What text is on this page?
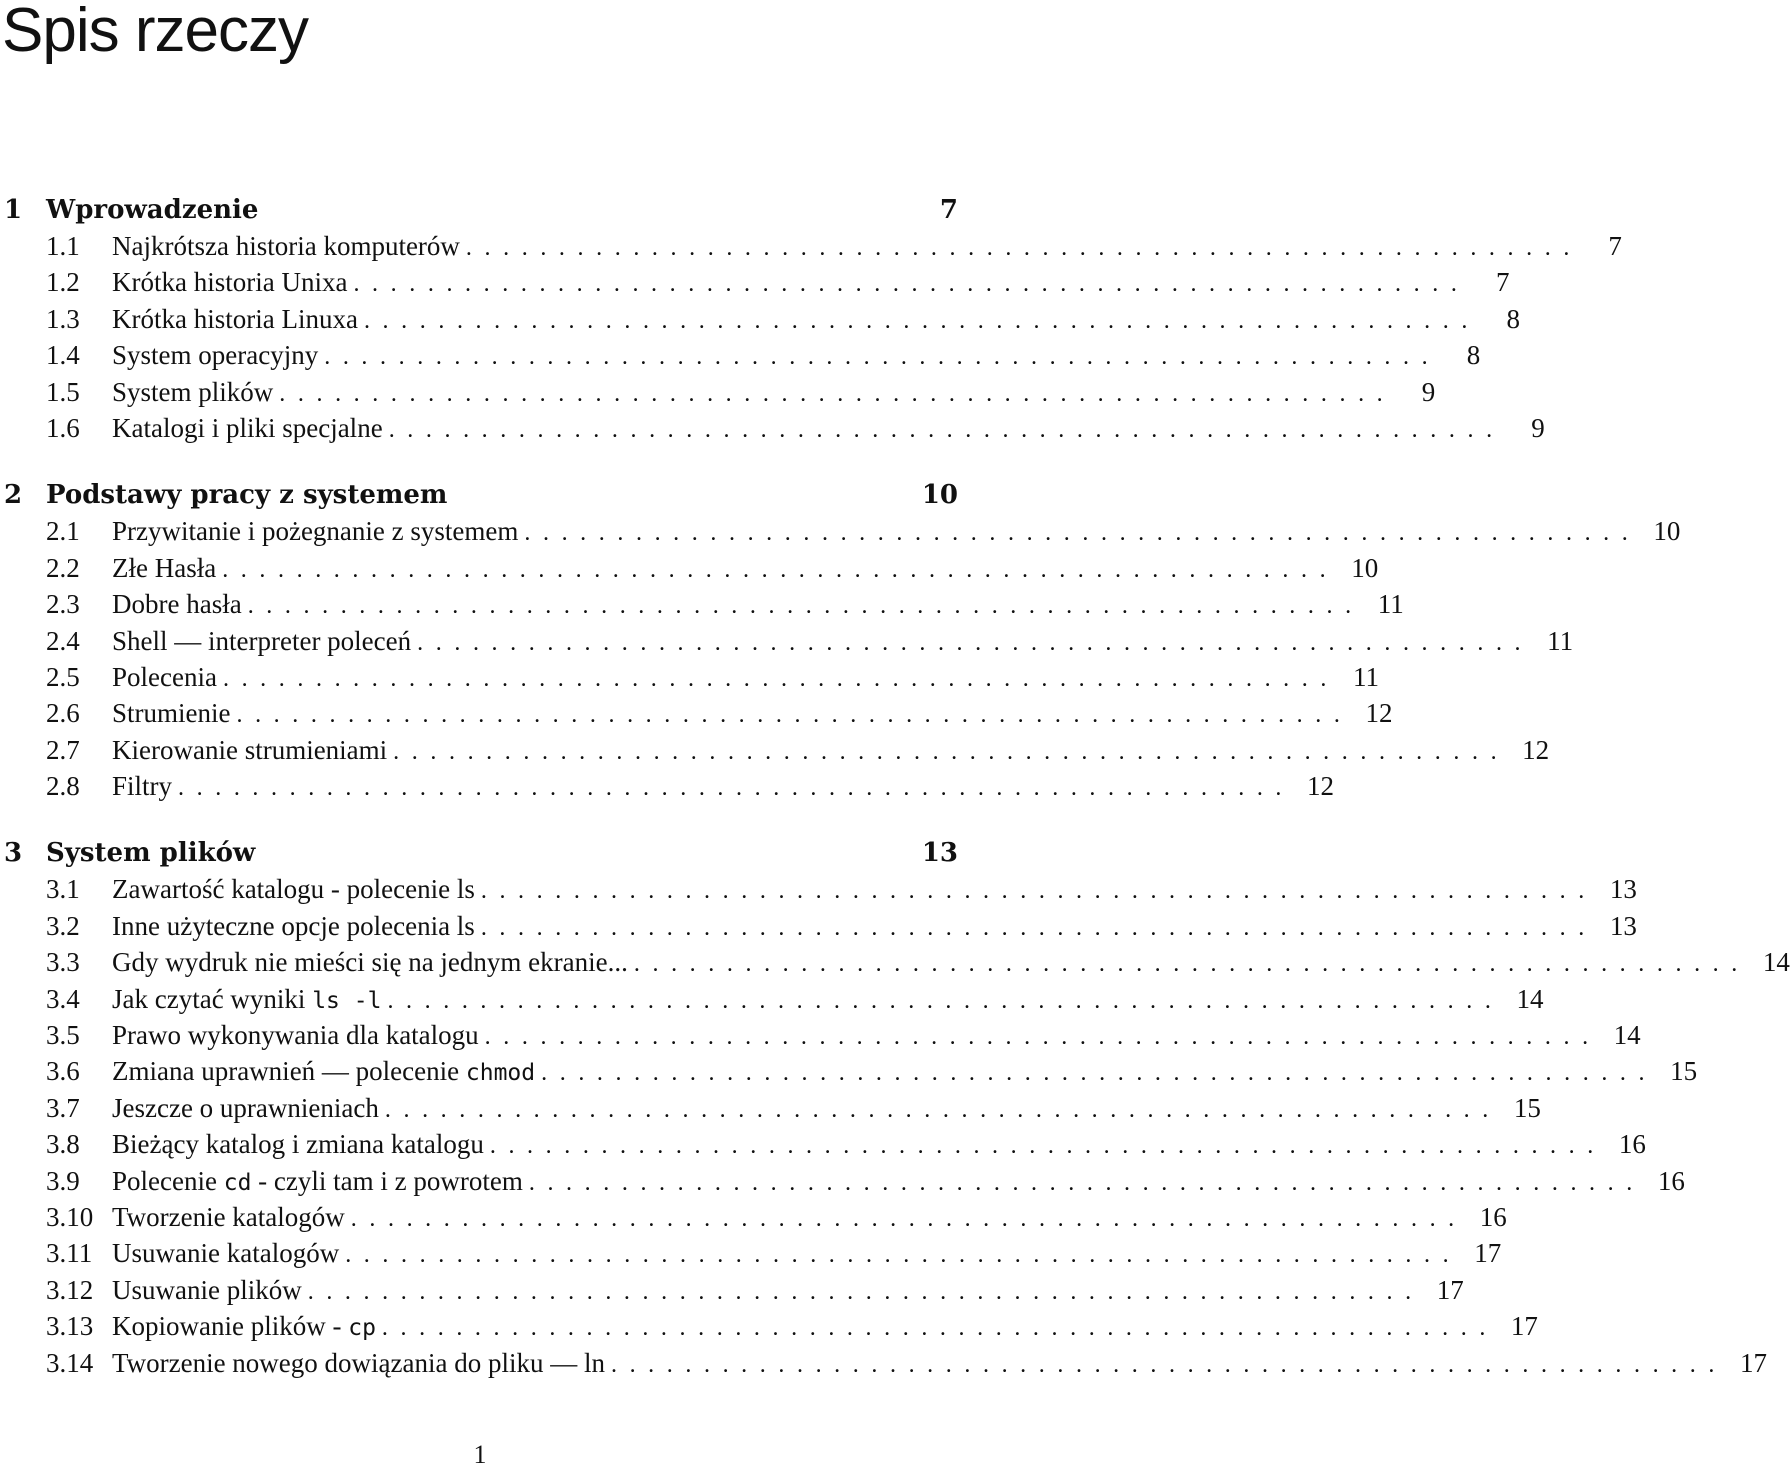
Spis rzeczy
1 Wprowadzenie	7
1.1	Najkrótsza historia komputerów ............................................................ 7
1.2	Krótka historia Unixa ............................................................ 7
1.3	Krótka historia Linuxa ............................................................ 8
1.4	System operacyjny ............................................................ 8
1.5	System plików ............................................................ 9
1.6	Katalogi i pliki specjalne ............................................................ 9
2 Podstawy pracy z systemem	10
2.1	Przywitanie i pożegnanie z systemem ............................................................ 10
2.2	Złe Hasła ............................................................ 10
2.3	Dobre hasła ............................................................ 11
2.4	Shell — interpreter poleceń ............................................................ 11
2.5	Polecenia ............................................................ 11
2.6	Strumienie ............................................................ 12
2.7	Kierowanie strumieniami ............................................................ 12
2.8	Filtry ............................................................ 12
3 System plików	13
3.1	Zawartość katalogu - polecenie ls ............................................................ 13
3.2	Inne użyteczne opcje polecenia ls ............................................................ 13
3.3	Gdy wydruk nie mieści się na jednym ekranie... ............................................................ 14
3.4	Jak czytać wyniki ls -l ............................................................ 14
3.5	Prawo wykonywania dla katalogu ............................................................ 14
3.6	Zmiana uprawnień — polecenie chmod ............................................................ 15
3.7	Jeszcze o uprawnieniach ............................................................ 15
3.8	Bieżący katalog i zmiana katalogu ............................................................ 16
3.9	Polecenie cd - czyli tam i z powrotem ............................................................ 16
3.10 Tworzenie katalogów ............................................................ 16
3.11 Usuwanie katalogów ............................................................ 17
3.12 Usuwanie plików ............................................................ 17
3.13 Kopiowanie plików - cp ............................................................ 17
3.14 Tworzenie nowego dowiązania do pliku — ln ............................................................ 17
1
